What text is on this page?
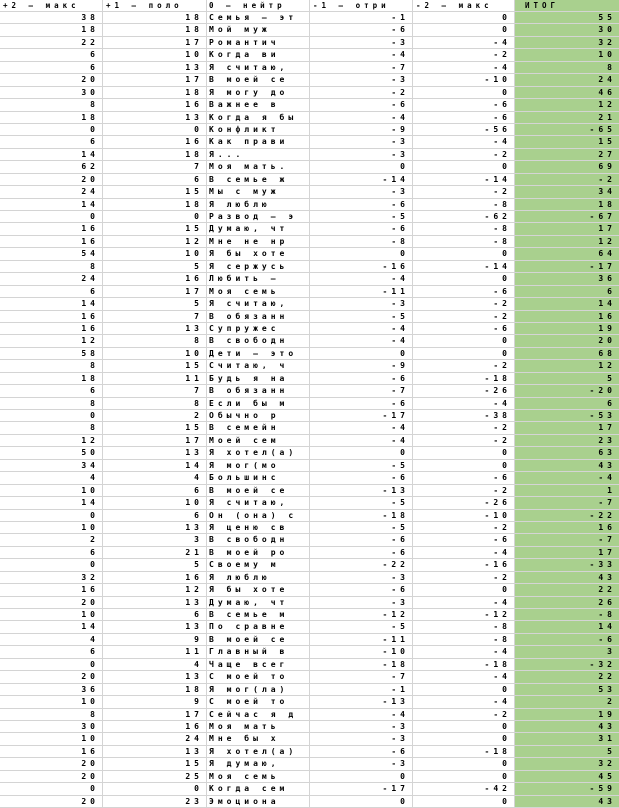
+2 — макс	+1 — поло	0 — нейтр	-1 — отри	-2 — макс	ИТОГ
38	18 Семья — эт	-1	0	55
18	18 Мой муж	-6	0	30
22	17 Романтич	-3	-4	32
6	10 Когда ви	-4	-2	10
6	13 Я считаю,	-7	-4	8
20	17 В моей се	-3	-10	24
30	18 Я могу до	-2	0	46
8	16 Важнее в	-6	-6	12
18	13 Когда я бы	-4	-6	21
0	0 Конфликт	-9	-56	-65
6	16 Как прави	-3	-4	15
14	18 Я...	-3	-2	27
62	7 Моя мать.	0	0	69
20	6 В семье ж	-14	-14	-2
24	15 Мы с муж	-3	-2	34
14	18 Я люблю	-6	-8	18
0	0 Развод — э	-5	-62	-67
16	15 Думаю, чт	-6	-8	17
16	12 Мне не нр	-8	-8	12
54	10 Я бы хоте	0	0	64
8	5 Я сержусь	-16	-14	-17
24	16 Любить —	-4	0	36
6	17 Моя семь	-11	-6	6
14	5 Я считаю,	-3	-2	14
16	7 В обязанн	-5	-2	16
16	13 Супружес	-4	-6	19
12	8 В свободн	-4	0	20
58	10 Дети — это	0	0	68
8	15 Считаю, ч	-9	-2	12
18	11 Будь я на	-6	-18	5
6	7 В обязанн	-7	-26	-20
8	8 Если бы м	-6	-4	6
0	2 Обычно р	-17	-38	-53
8	15 В семейн	-4	-2	17
12	17 Моей сем	-4	-2	23
50	13 Я хотел(а)	0	0	63
34	14 Я мог(мо	-5	0	43
4	4 Большинс	-6	-6	-4
10	6 В моей се	-13	-2	1
14	10 Я считаю,	-5	-26	-7
0	6 Он (она) с	-18	-10	-22
10	13 Я ценю св	-5	-2	16
2	3 В свободн	-6	-6	-7
6	21 В моей ро	-6	-4	17
0	5 Своему м	-22	-16	-33
32	16 Я люблю	-3	-2	43
16	12 Я бы хоте	-6	0	22
20	13 Думаю, чт	-3	-4	26
10	6 В семье м	-12	-12	-8
14	13 По сравне	-5	-8	14
4	9 В моей се	-11	-8	-6
6	11 Главный в	-10	-4	3
0	4 Чаще всег	-18	-18	-32
20	13 С моей то	-7	-4	22
36	18 Я мог(ла)	-1	0	53
10	9 С моей то	-13	-4	2
8	17 Сейчас я д	-4	-2	19
30	16 Моя мать	-3	0	43
10	24 Мне бы х	-3	0	31
16	13 Я хотел(а)	-6	-18	5
20	15 Я думаю,	-3	0	32
20	25 Моя семь	0	0	45
0	0 Когда сем	-17	-42	-59
20	23 Эмоциона	0	0	43
